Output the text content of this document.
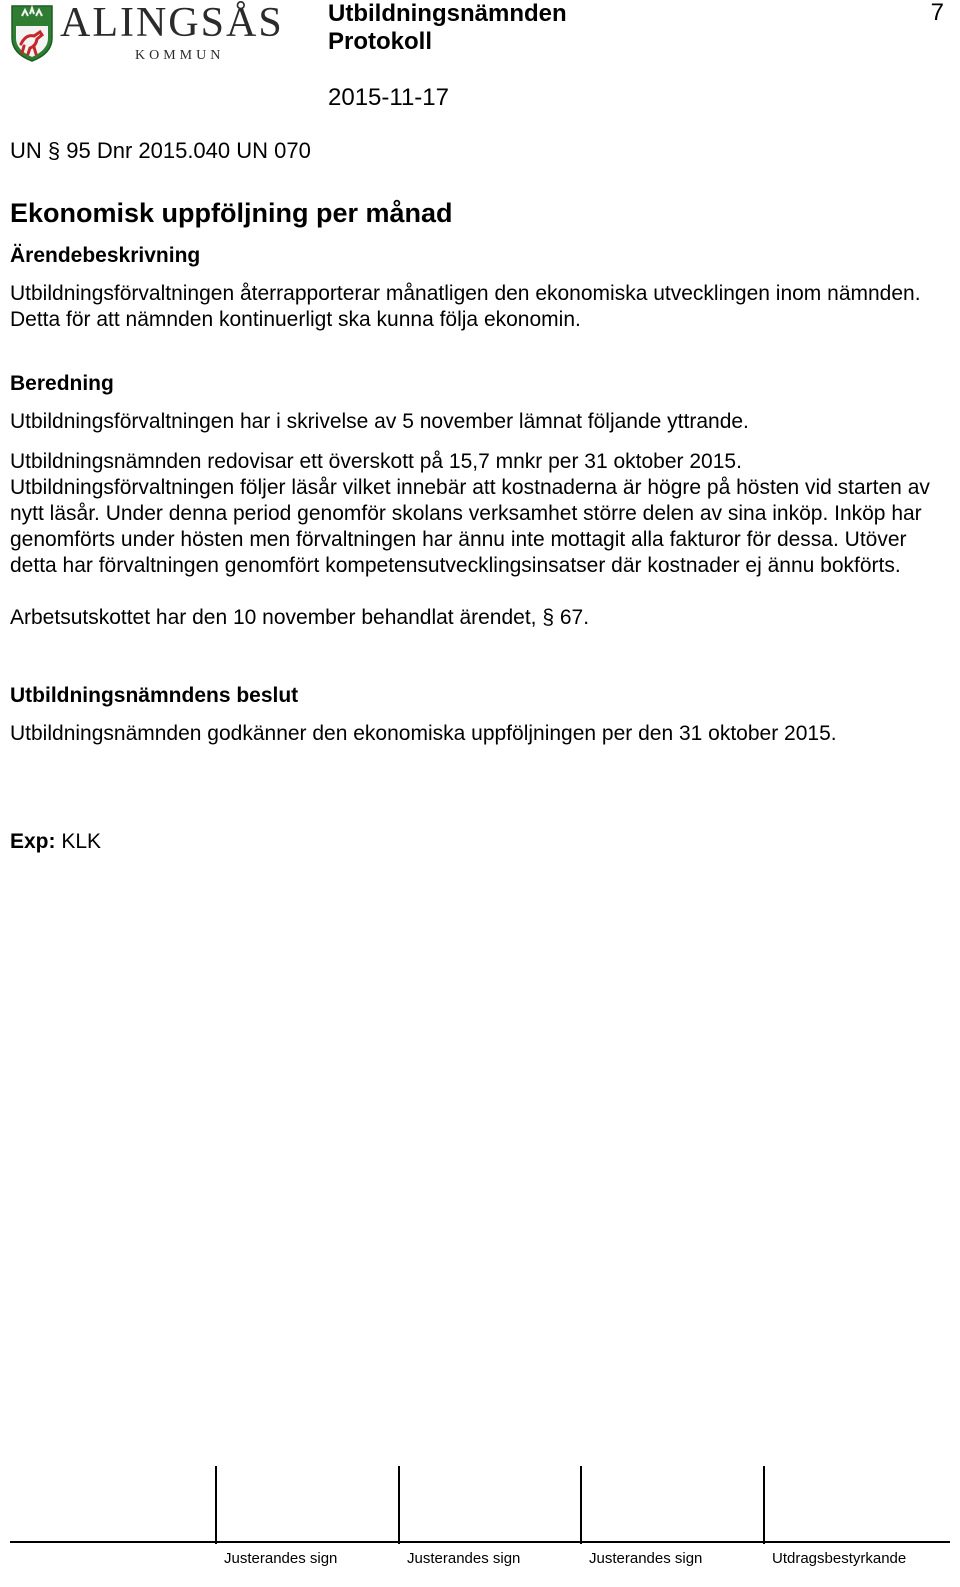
ALINGSÅS
KOMMUN
Utbildningsnämnden
Protokoll
2015-11-17
7

UN § 95 Dnr 2015.040 UN 070

Ekonomisk uppföljning per månad
Ärendebeskrivning

Utbildningsförvaltningen återrapporterar månatligen den ekonomiska utvecklingen inom nämnden. Detta för att nämnden kontinuerligt ska kunna följa ekonomin.

Beredning

Utbildningsförvaltningen har i skrivelse av 5 november lämnat följande yttrande.

Utbildningsnämnden redovisar ett överskott på 15,7 mnkr per 31 oktober 2015. Utbildningsförvaltningen följer läsår vilket innebär att kostnaderna är högre på hösten vid starten av nytt läsår. Under denna period genomför skolans verksamhet större delen av sina inköp. Inköp har genomförts under hösten men förvaltningen har ännu inte mottagit alla fakturor för dessa. Utöver detta har förvaltningen genomfört kompetensutvecklingsinsatser där kostnader ej ännu bokförts.

Arbetsutskottet har den 10 november behandlat ärendet, § 67.

Utbildningsnämndens beslut

Utbildningsnämnden godkänner den ekonomiska uppföljningen per den 31 oktober 2015.

Exp: KLK

Justerandes sign	Justerandes sign	Justerandes sign	Utdragsbestyrkande
